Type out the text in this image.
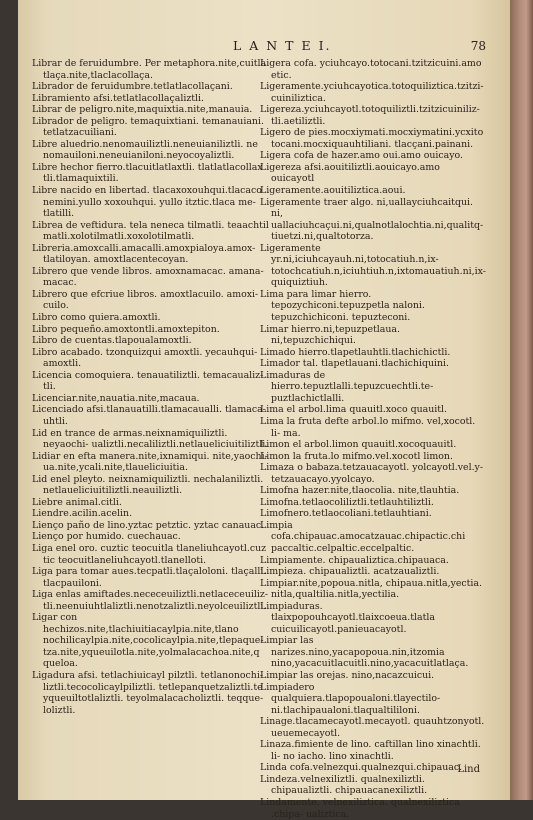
L A N T E I.	78
Librar de feruidumbre. Per metaphora.nite,cuitla tlaça.nite,tlaclacollaça.
Librador de feruidumbre.tetlatlacollaçani.
Libramiento afsi.tetlatlacollaçaliztli.
Librar de peligro.nite,maquixtia.nite,manauia.
Librador de peligro. temaquixtiani. temanauiani. tetlatzacuiliani.
Libre aluedrio.nenomauiliztli.neneuianiliztli. ne nomauiloni.neneuianiloni.neyocoyaliztli.
Libre hechor fierro.tlacuitlatlaxtli. tlatlatlacollax tli.tlamaquixtili.
Libre nacido en libertad. tlacaxoxouhqui.tlacaco nemini.yullo xoxouhqui. yullo itztic.tlaca me- tlatilli.
Librea de veftidura. tela neneca tilmatli. teaachtil matli.xolotilmatli.xoxolotilmatli.
Libreria.amoxcalli.amacalli.amoxpialoya.amox- tlatiloyan. amoxtlacentecoyan.
Librero que vende libros. amoxnamacac. amana- macac.
Librero que efcriue libros. amoxtlacuilo. amoxi- cuilo.
Libro como quiera.amoxtli.
Libro pequeño.amoxtontli.amoxtepiton.
Libro de cuentas.tlapoualamoxtli.
Libro acabado. tzonquizqui amoxtli. yecauhqui- amoxtli.
Licencia comoquiera. tenauatiliztli. temacaualiz- tli.
Licenciar.nite,nauatia.nite,macaua.
Licenciado afsi.tlanauatilli.tlamacaualli. tlamaca- uhtli.
Lid en trance de armas.neixnamiquiliztli. neyaochi- ualiztli.necaliliztli.netlaueliciuitiliztli.
Lidiar en efta manera.nite,ixnamiqui. nite,yaochi- ua.nite,ycali.nite,tlaueliciuitia.
Lid enel pleyto. neixnamiquiliztli. nechalaniliztli. netlaueliciuitiliztli.neauiliztli.
Liebre animal.citli.
Liendre.acilin.acelin.
Lienço paño de lino.yztac petztic. yztac canauac.
Lienço por humido. cuechauac.
Liga enel oro. cuztic teocuitla tlaneliuhcayotl.cuz tic teocuitlaneliuhcayotl.tlanelloti.
Liga para tomar aues.tecpatli.tlaçaloloni. tlaçalli. tlacpauiloni.
Liga enlas amiftades.nececeuiliztli.netlaceceuiliz- tli.neenuiuhtlaliztli.nenotzaliztli.neyolceuiliztli.
Ligar con hechizos.nite,tlachiuitiacaylpia.nite,tlano nochilicaylpia.nite,cocolicaylpia.nite,tlepaque- tza.nite,yqueuilotla.nite,yolmalacachoa.nite,q queloa.
Ligadura afsi. tetlachiuicayl pilztli. tetlanonochi- liztli.tecocolicaylpiliztli. tetlepanquetzaliztli.te yqueuiltotlaliztli. teyolmalacacholiztli. teqque- loliztli.
Ligera cofa. yciuhcayo.totocani.tzitzicuini.amo etic.
Ligeramente.yciuhcayotica.totoquiliztica.tzitzi- cuiniliztica.
Ligereza.yciuhcayotl.totoquiliztli.tzitzicuiniliz- tli.aetiliztli.
Ligero de pies.mocxiymati.mocxiymatini.ycxito tocani.mocxiquauhtiliani. tlacçani.painani.
Ligera cofa de hazer.amo oui.amo ouicayo.
Ligereza afsi.aouitiliztli.aouicayo.amo ouicayotl
Ligeramente.aouitiliztica.aoui.
Ligeramente traer algo. ni,uallayciuhcaitqui. ni, uallaciuhcaçui.ni,qualnotlalochtia.ni,qualitq- tiuetzi.ni,qualtotorza.
Ligeramente yr.ni,iciuhcayauh.ni,totocatiuh.n,ix- totochcatiuh.n,iciuhtiuh.n,ixtomauatiuh.ni,ix- quiquiztiuh.
Lima para limar hierro. tepozychiconi.tepuzpetla naloni. tepuzchichiconi. tepuzteconi.
Limar hierro.ni,tepuzpetlaua. ni,tepuzchichiqui.
Limado hierro.tlapetlauhtli.tlachichictli.
Limador tal. tlapetlauani.tlachichiquini.
Limaduras de hierro.tepuztlalli.tepuzcuechtli.te- puztlachictlalli.
Lima el arbol.lima quauitl.xoco quauitl.
Lima la fruta defte arbol.lo mifmo. vel,xocotl. li- ma.
Limon el arbol.limon quauitl.xocoquauitl.
Limon la fruta.lo mifmo.vel.xocotl limon.
Limaza o babaza.tetzauacayotl. yolcayotl.vel.y- tetzauacayo.yyolcayo.
Limofna hazer.nite,tlaocolia. nite,tlauhtia.
Limofna.tetlaocoliliztli.tetlauhtiliztli.
Limofnero.tetlaocoliani.tetlauhtiani.
Limpia cofa.chipauac.amocatzauac.chipactic.chi paccaltic.celpaltic.eccelpaltic.
Limpiamente. chipaualiztica.chipauaca.
Limpieza. chipaualiztli. acatzaualiztli.
Limpiar.nite,popoua.nitla, chipaua.nitla,yectia. nitla,qualtilia.nitla,yectilia.
Limpiaduras. tlaixpopouhcayotl.tlaixcoeua.tlatla cuicuilicayotl.panieuacayotl.
Limpiar las narizes.nino,yacapopoua.nin,itzomia nino,yacacuitlacuitli.nino,yacacuitlatlaça.
Limpiar las orejas. nino,nacazcuicui.
Limpiadero qualquiera.tlapopoualoni.tlayectilo- ni.tlachipaualoni.tlaqualtililoni.
Linage.tlacamecayotl.mecayotl. quauhtzonyotl. ueuemecayotl.
Linaza.fimiente de lino. caftillan lino xinachtli. li- no iacho. lino xinachtli.
Linda cofa.velnezqui.qualnezqui.chipauac.
Lindeza.velnexiliztli. qualnexiliztli. chipaualiztli. chipauacanexiliztli.
Lindamente. velnexiliztica. qualnexiliztica .chipa- ualiztica.
Lind
